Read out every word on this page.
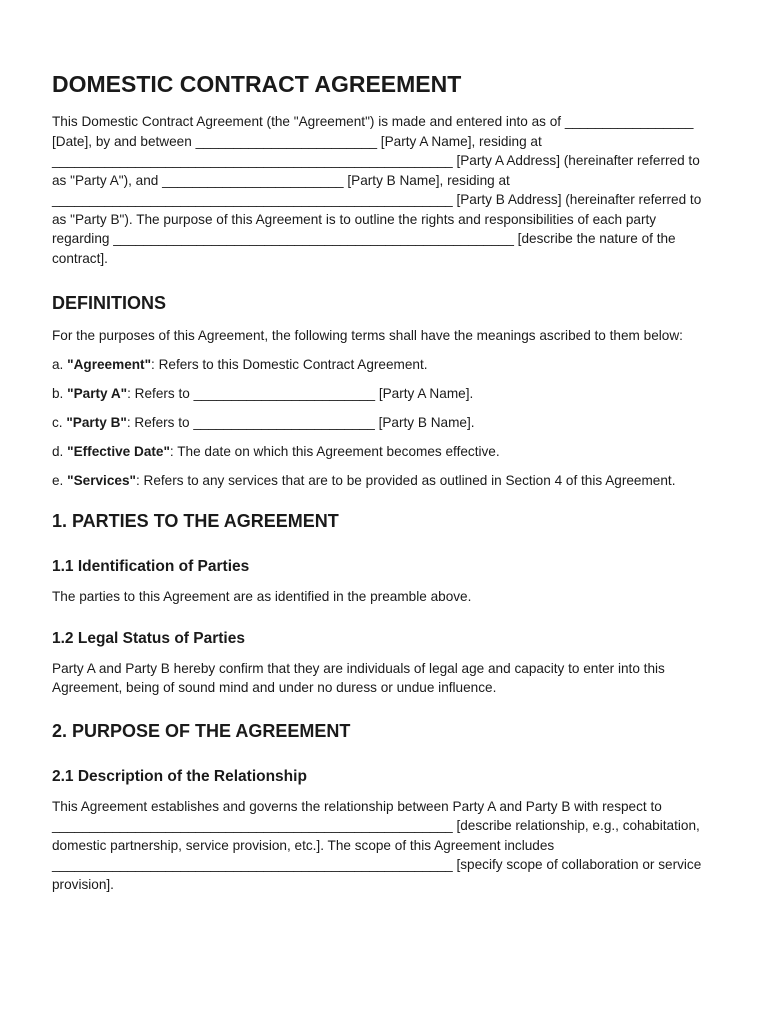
DOMESTIC CONTRACT AGREEMENT

This Domestic Contract Agreement (the "Agreement") is made and entered into as of _________________ [Date], by and between ________________________ [Party A Name], residing at _____________________________________________________ [Party A Address] (hereinafter referred to as "Party A"), and ________________________ [Party B Name], residing at _____________________________________________________ [Party B Address] (hereinafter referred to as "Party B"). The purpose of this Agreement is to outline the rights and responsibilities of each party regarding _____________________________________________________ [describe the nature of the contract].

DEFINITIONS

For the purposes of this Agreement, the following terms shall have the meanings ascribed to them below:

a. "Agreement": Refers to this Domestic Contract Agreement.

b. "Party A": Refers to ________________________ [Party A Name].

c. "Party B": Refers to ________________________ [Party B Name].

d. "Effective Date": The date on which this Agreement becomes effective.

e. "Services": Refers to any services that are to be provided as outlined in Section 4 of this Agreement.

1. PARTIES TO THE AGREEMENT
1.1 Identification of Parties

The parties to this Agreement are as identified in the preamble above.

1.2 Legal Status of Parties

Party A and Party B hereby confirm that they are individuals of legal age and capacity to enter into this Agreement, being of sound mind and under no duress or undue influence.

2. PURPOSE OF THE AGREEMENT
2.1 Description of the Relationship

This Agreement establishes and governs the relationship between Party A and Party B with respect to _____________________________________________________ [describe relationship, e.g., cohabitation, domestic partnership, service provision, etc.]. The scope of this Agreement includes _____________________________________________________ [specify scope of collaboration or service provision].
